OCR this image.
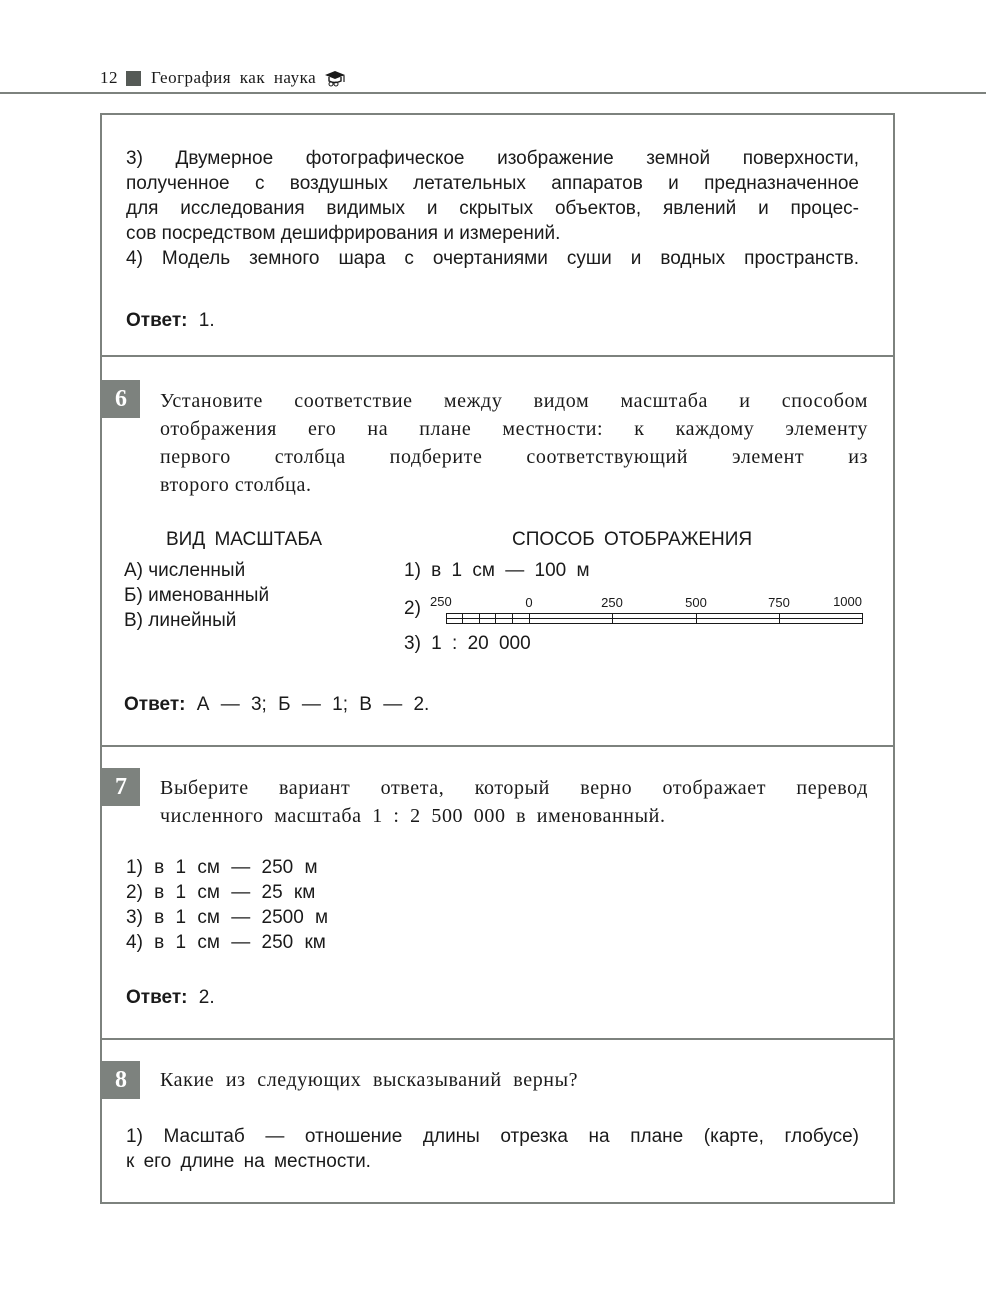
12 География как наука
3) Двумерное фотографическое изображение земной поверхности,
полученное с воздушных летательных аппаратов и предназначенное
для исследования видимых и скрытых объектов, явлений и процес-
сов посредством дешифрирования и измерений.
4) Модель земного шара с очертаниями суши и водных пространств.
Ответ: 1.
6	Установите соответствие между видом масштаба и способом
отображения его на плане местности: к каждому элементу
первого столбца подберите соответствующий элемент из
второго столбца.
ВИД МАСШТАБА	СПОСОБ ОТОБРАЖЕНИЯ
А) численный
Б) именованный
В) линейный
1) в 1 см — 100 м
2) 250	0	250	500	750	1000
3) 1 : 20 000
Ответ: А — 3; Б — 1; В — 2.
7	Выберите вариант ответа, который верно отображает перевод
численного масштаба 1 : 2 500 000 в именованный.
1) в 1 см — 250 м
2) в 1 см — 25 км
3) в 1 см — 2500 м
4) в 1 см — 250 км
Ответ: 2.
8	Какие из следующих высказываний верны?
1) Масштаб — отношение длины отрезка на плане (карте, глобусе)
к его длине на местности.
